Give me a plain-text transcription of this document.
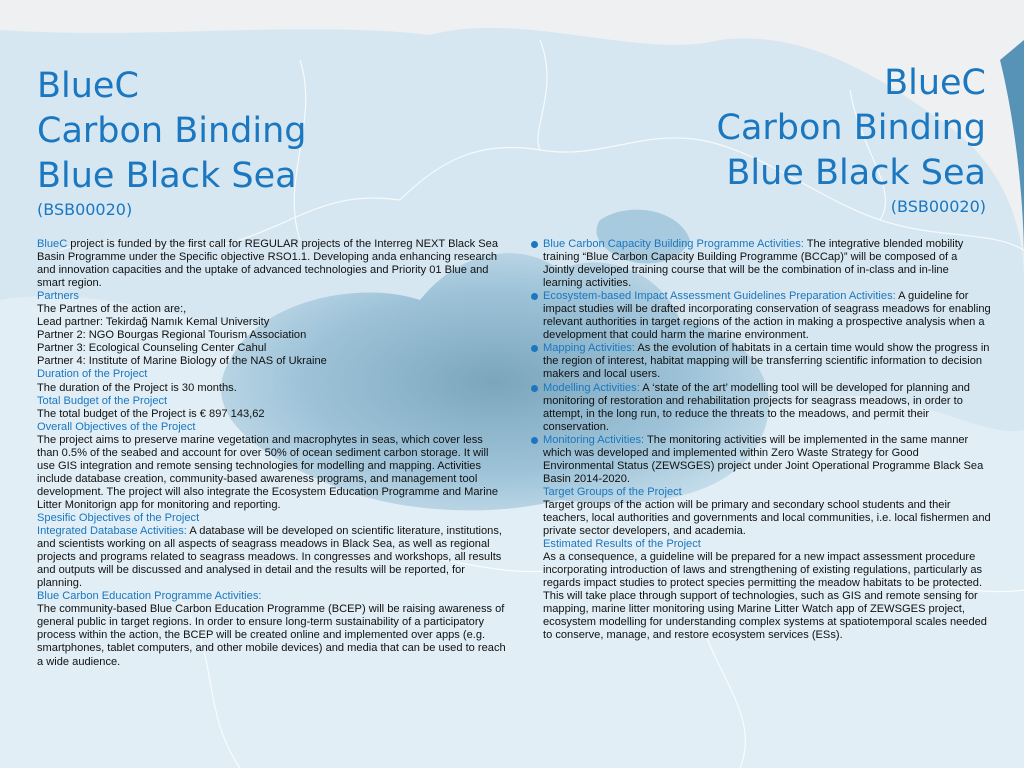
BlueC
Carbon Binding
Blue Black Sea
(BSB00020)
BlueC
Carbon Binding
Blue Black Sea
(BSB00020)

BlueC project is funded by the first call for REGULAR projects of the Interreg NEXT Black Sea Basin Programme under the Specific objective RSO1.1. Developing anda enhancing research and innovation capacities and the uptake of advanced technologies and Priority 01 Blue and smart region.

Partners

The Partnes of the action are:,

Lead partner: Tekirdağ Namık Kemal University

Partner 2: NGO Bourgas Regional Tourism Association

Partner 3: Ecological Counseling Center Cahul

Partner 4: Institute of Marine Biology of the NAS of Ukraine

Duration of the Project

The duration of the Project is 30 months.

Total Budget of the Project

The total budget of the Project is € 897 143,62

Overall Objectives of the Project

The project aims to preserve marine vegetation and macrophytes in seas, which cover less than 0.5% of the seabed and account for over 50% of ocean sediment carbon storage. It will use GIS integration and remote sensing technologies for modelling and mapping. Activities include database creation, community-based awareness programs, and management tool development. The project will also integrate the Ecosystem Education Programme and Marine Litter Monitorign app for monitoring and reporting.

Spesific Objectives of the Project

Integrated Database Activities: A database will be developed on scientific literature, institutions, and scientists working on all aspects of seagrass meadows in Black Sea, as well as regional projects and programs related to seagrass meadows. In congresses and workshops, all results and outputs will be discussed and analysed in detail and the results will be reported, for planning.

Blue Carbon Education Programme Activities:

The community-based Blue Carbon Education Programme (BCEP) will be raising awareness of general public in target regions. In order to ensure long-term sustainability of a participatory process within the action, the BCEP will be created online and implemented over apps (e.g. smartphones, tablet computers, and other mobile devices) and media that can be used to reach a wide audience.

Blue Carbon Capacity Building Programme Activities: The integrative blended mobility training “Blue Carbon Capacity Building Programme (BCCap)” will be composed of a Jointly developed training course that will be the combination of in-class and in-line learning activities.

Ecosystem-based Impact Assessment Guidelines Preparation Activities: A guideline for impact studies will be drafted incorporating conservation of seagrass meadows for enabling relevant authorities in target regions of the action in making a prospective analysis when a development that could harm the marine environment.

Mapping Activities: As the evolution of habitats in a certain time would show the progress in the region of interest, habitat mapping will be transferring scientific information to decision makers and local users.

Modelling Activities: A ‘state of the art’ modelling tool will be developed for planning and monitoring of restoration and rehabilitation projects for seagrass meadows, in order to attempt, in the long run, to reduce the threats to the meadows, and permit their conservation.

Monitoring Activities: The monitoring activities will be implemented in the same manner which was developed and implemented within Zero Waste Strategy for Good Environmental Status (ZEWSGES) project under Joint Operational Programme Black Sea Basin 2014-2020.

Target Groups of the Project

Target groups of the action will be primary and secondary school students and their teachers, local authorities and governments and local communities, i.e. local fishermen and private sector developers, and academia.

Estimated Results of the Project

As a consequence, a guideline will be prepared for a new impact assessment procedure incorporating introduction of laws and strengthening of existing regulations, particularly as regards impact studies to protect species permitting the meadow habitats to be protected. This will take place through support of technologies, such as GIS and remote sensing for mapping, marine litter monitoring using Marine Litter Watch app of ZEWSGES project, ecosystem modelling for understanding complex systems at spatiotemporal scales needed to conserve, manage, and restore ecosystem services (ESs).
